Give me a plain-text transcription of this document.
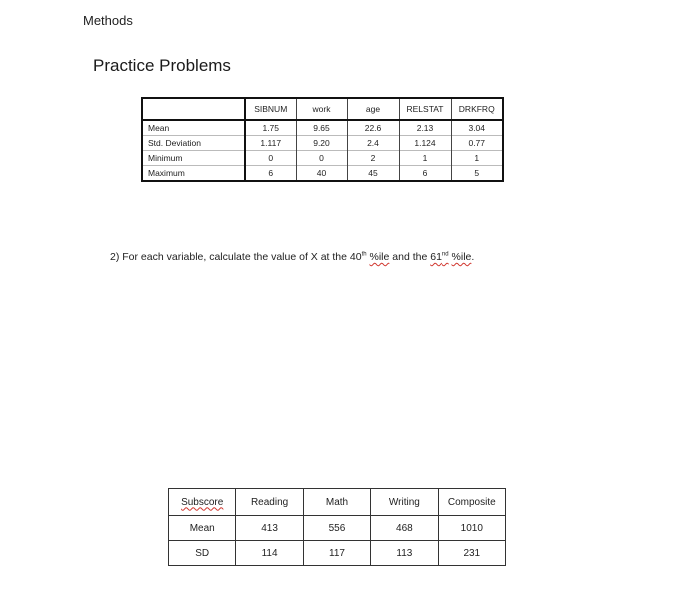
Methods
Practice Problems
	SIBNUM	work	age	RELSTAT	DRKFRQ
Mean	1.75	9.65	22.6	2.13	3.04
Std. Deviation	1.117	9.20	2.4	1.124	0.77
Minimum	0	0	2	1	1
Maximum	6	40	45	6	5
2) For each variable, calculate the value of X at the 40th %ile and the 61nd %ile.
Subscore	Reading	Math	Writing	Composite
Mean	413	556	468	1010
SD	114	117	113	231
